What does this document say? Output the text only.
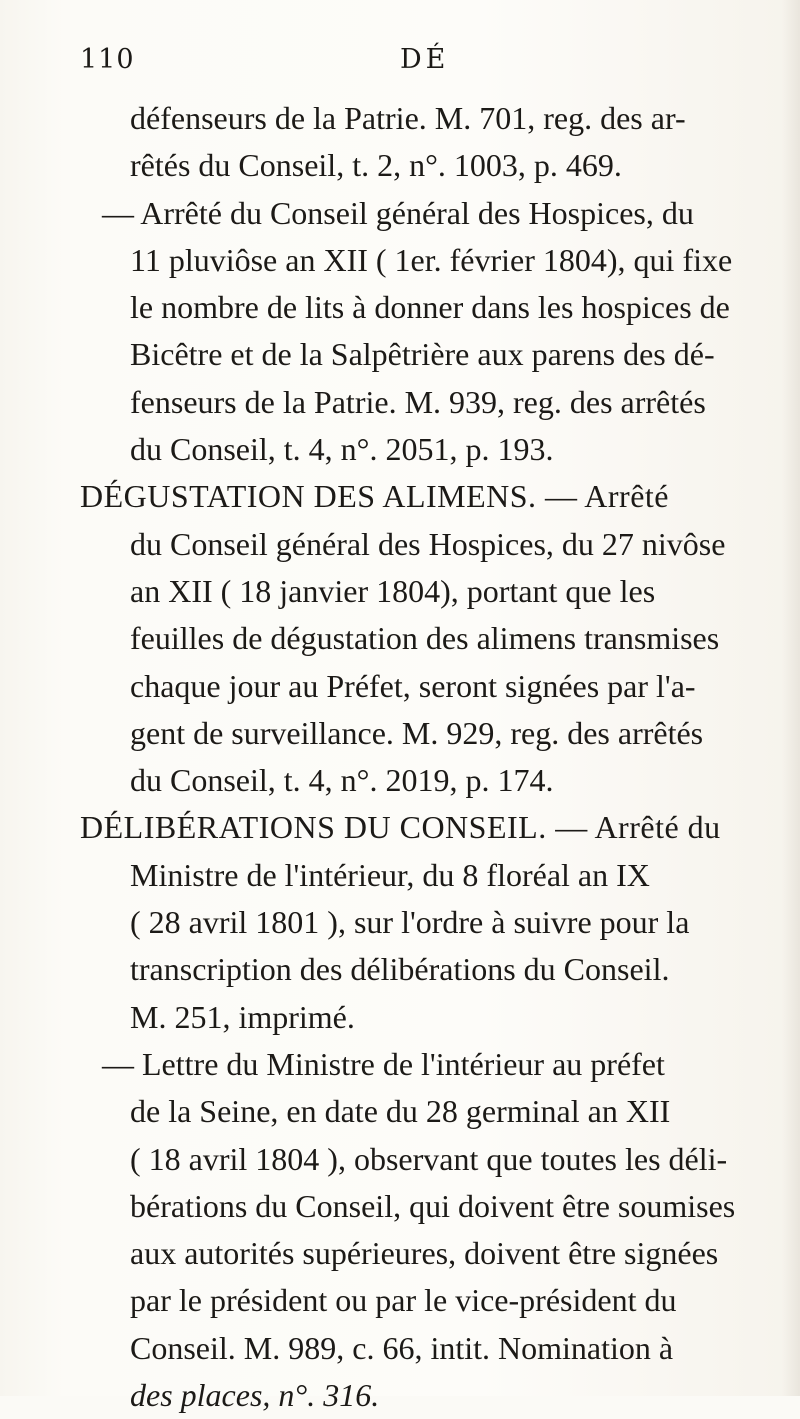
110	DÉ
défenseurs de la Patrie. M. 701, reg. des ar-
rêtés du Conseil, t. 2, n°. 1003, p. 469.
— Arrêté du Conseil général des Hospices, du
11 pluviôse an XII ( 1er. février 1804), qui fixe
le nombre de lits à donner dans les hospices de
Bicêtre et de la Salpêtrière aux parens des dé-
fenseurs de la Patrie. M. 939, reg. des arrêtés
du Conseil, t. 4, n°. 2051, p. 193.
DÉGUSTATION DES ALIMENS. — Arrêté
du Conseil général des Hospices, du 27 nivôse
an XII ( 18 janvier 1804), portant que les
feuilles de dégustation des alimens transmises
chaque jour au Préfet, seront signées par l'a-
gent de surveillance. M. 929, reg. des arrêtés
du Conseil, t. 4, n°. 2019, p. 174.
DÉLIBÉRATIONS DU CONSEIL. — Arrêté du
Ministre de l'intérieur, du 8 floréal an IX
( 28 avril 1801 ), sur l'ordre à suivre pour la
transcription des délibérations du Conseil.
M. 251, imprimé.
— Lettre du Ministre de l'intérieur au préfet
de la Seine, en date du 28 germinal an XII
( 18 avril 1804 ), observant que toutes les déli-
bérations du Conseil, qui doivent être soumises
aux autorités supérieures, doivent être signées
par le président ou par le vice-président du
Conseil. M. 989, c. 66, intit. Nomination à
des places, n°. 316.
